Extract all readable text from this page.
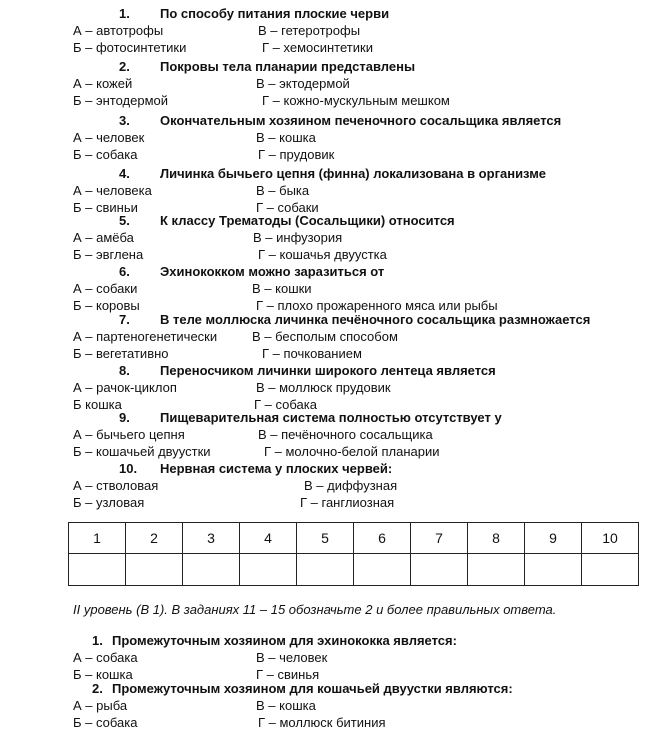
1. По способу питания плоские черви
А – автотрофы	В – гетеротрофы
Б – фотосинтетики	Г – хемосинтетики
2. Покровы тела планарии представлены
А – кожей	В – эктодермой
Б – энтодермой	Г – кожно-мускульным мешком
3. Окончательным хозяином печеночного сосальщика является
А – человек	В – кошка
Б – собака	Г – прудовик
4. Личинка бычьего цепня (финна) локализована в организме
А – человека	В – быка
Б – свиньи	Г – собаки
5. К классу Трематоды (Сосальщики) относится
А – амёба	В – инфузория
Б – эвглена	Г – кошачья двуустка
6. Эхинококком можно заразиться от
А – собаки	В – кошки
Б – коровы	Г – плохо прожаренного мяса или рыбы
7. В теле моллюска личинка печёночного сосальщика размножается
А – партеногенетически	В – бесполым способом
Б – вегетативно	Г – почкованием
8. Переносчиком личинки широкого лентеца является
А – рачок-циклоп	В – моллюск прудовик
Б кошка	Г – собака
9. Пищеварительная система полностью отсутствует у
А – бычьего цепня	В – печёночного сосальщика
Б – кошачьей двуустки	Г – молочно-белой планарии
10. Нервная система у плоских червей:
А – стволовая	В – диффузная
Б – узловая	Г – ганглиозная
1	2	3	4	5	6	7	8	9	10

II уровень (В 1). В заданиях 11 – 15 обозначьте 2 и более правильных ответа.
1. Промежуточным хозяином для эхинококка является:
А – собака	В – человек
Б – кошка	Г – свинья
2. Промежуточным хозяином для кошачьей двуустки являются:
А – рыба	В – кошка
Б – собака	Г – моллюск битиния
